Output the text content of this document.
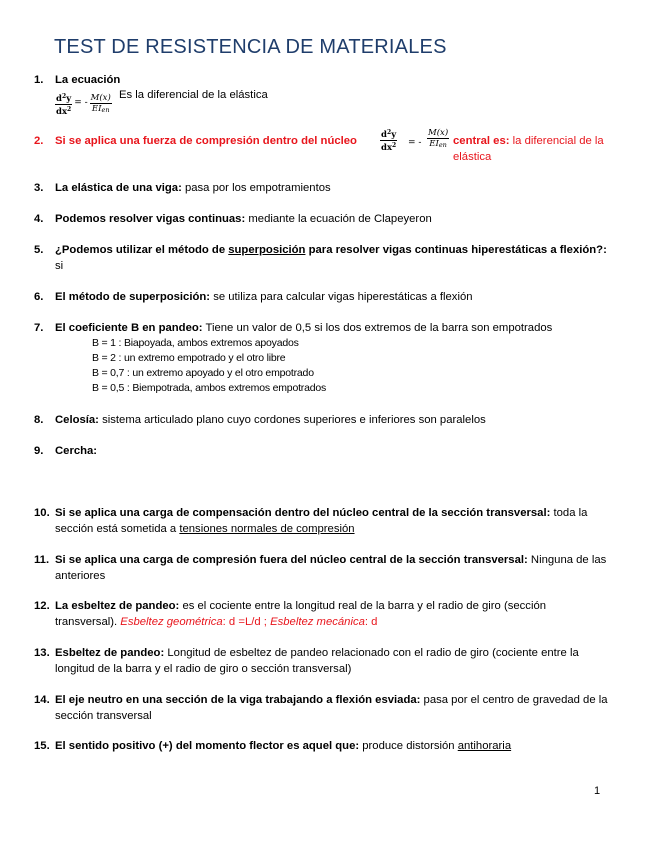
TEST DE RESISTENCIA DE MATERIALES
1.	La ecuación
$\frac{d^2y}{dx^2}$ = - $\frac{M(x)}{\text{EIen}}$ Es la diferencial de la elástica
2.	Si se aplica una fuerza de compresión dentro del núcleo	$\frac{d^2y}{dx^2}$ = -
M(x)
EIen central es: la diferencial de la elástica
3.	La elástica de una viga: pasa por los empotramientos
4.	Podemos resolver vigas continuas: mediante la ecuación de Clapeyeron
5.	¿Podemos utilizar el método de superposición para resolver vigas continuas hiperestáticas a flexión?: si
6.	El método de superposición: se utiliza para calcular vigas hiperestáticas a flexión
7.	El coeficiente B en pandeo: Tiene un valor de 0,5 si los dos extremos de la barra son empotrados
B = 1 : Biapoyada, ambos extremos apoyados
B = 2 : un extremo empotrado y el otro libre
B = 0,7 : un extremo apoyado y el otro empotrado
B = 0,5 : Biempotrada, ambos extremos empotrados
8.	Celosía: sistema articulado plano cuyo cordones superiores e inferiores son paralelos
9.	Cercha:
10. Si se aplica una carga de compensación dentro del núcleo central de la sección transversal: toda la sección está sometida a tensiones normales de compresión
11. Si se aplica una carga de compresión fuera del núcleo central de la sección transversal: Ninguna de las anteriores
12. La esbeltez de pandeo: es el cociente entre la longitud real de la barra y el radio de giro (sección transversal). Esbeltez geométrica: d =L/d ; Esbeltez mecánica: d
13. Esbeltez de pandeo: Longitud de esbeltez de pandeo relacionado con el radio de giro (cociente entre la longitud de la barra y el radio de giro o sección transversal)
14. El eje neutro en una sección de la viga trabajando a flexión esviada: pasa por el centro de gravedad de la sección transversal
15. El sentido positivo (+) del momento flector es aquel que: produce distorsión antihoraria
1
